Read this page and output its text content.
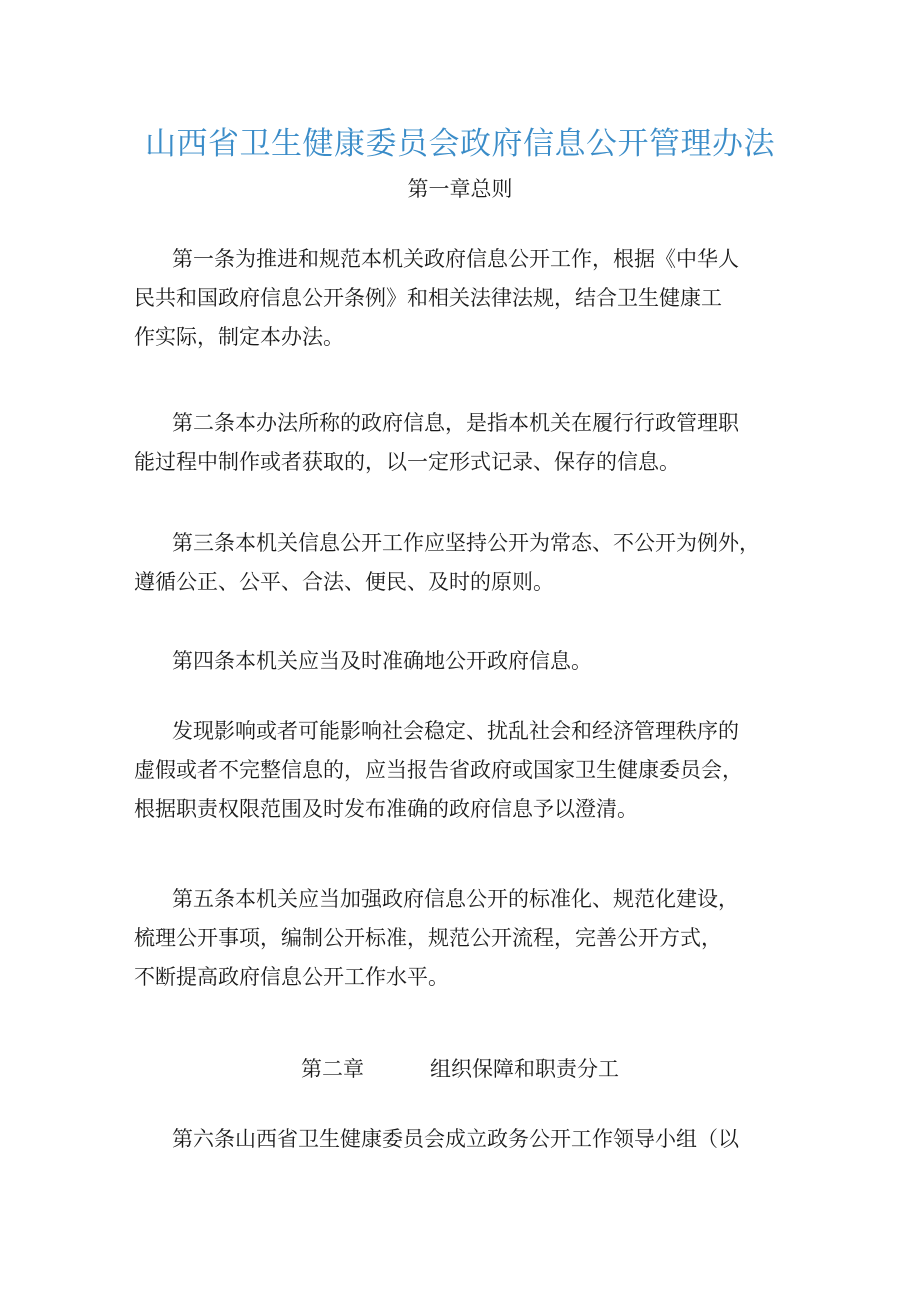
山西省卫生健康委员会政府信息公开管理办法
第一章总则

第一条为推进和规范本机关政府信息公开工作，根据《中华人
民共和国政府信息公开条例》和相关法律法规，结合卫生健康工
作实际，制定本办法。

第二条本办法所称的政府信息，是指本机关在履行行政管理职
能过程中制作或者获取的，以一定形式记录、保存的信息。

第三条本机关信息公开工作应坚持公开为常态、不公开为例外，
遵循公正、公平、合法、便民、及时的原则。

第四条本机关应当及时准确地公开政府信息。

发现影响或者可能影响社会稳定、扰乱社会和经济管理秩序的
虚假或者不完整信息的，应当报告省政府或国家卫生健康委员会，
根据职责权限范围及时发布准确的政府信息予以澄清。

第五条本机关应当加强政府信息公开的标准化、规范化建设，
梳理公开事项，编制公开标准，规范公开流程，完善公开方式，
不断提高政府信息公开工作水平。

第二章	组织保障和职责分工

第六条山西省卫生健康委员会成立政务公开工作领导小组（以
